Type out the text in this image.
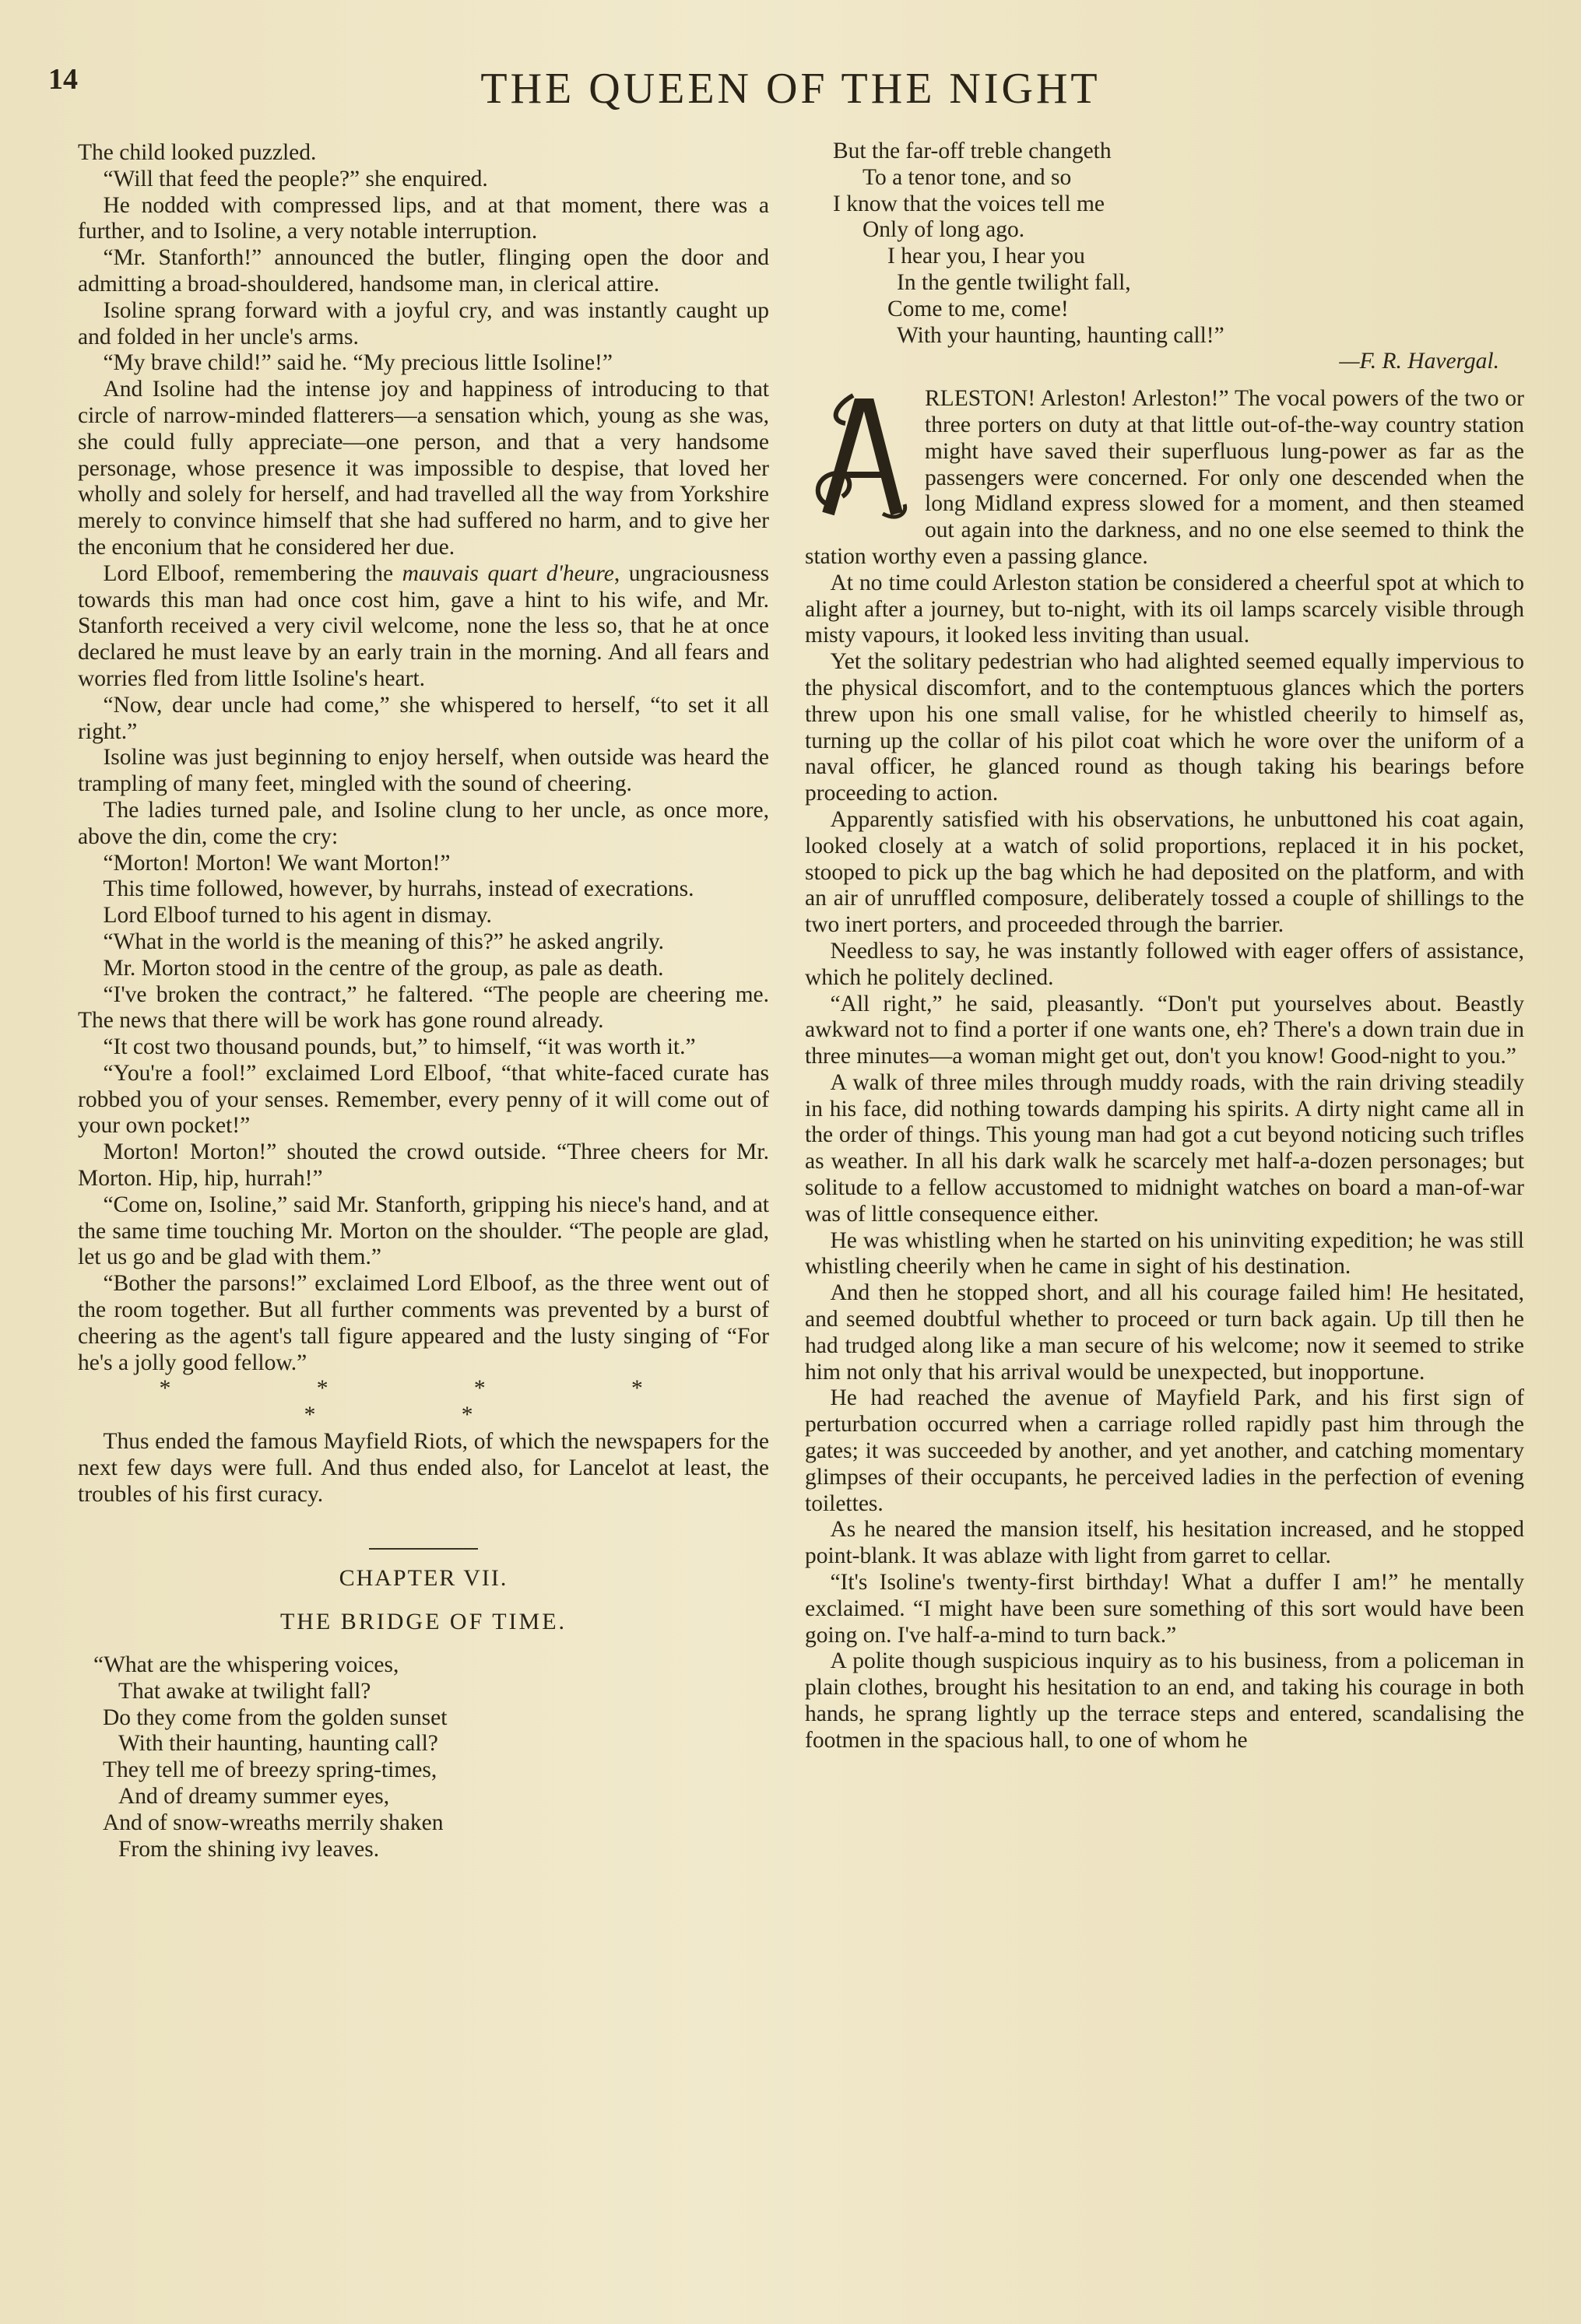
14	THE QUEEN OF THE NIGHT

The child looked puzzled.

“Will that feed the people?” she enquired.

He nodded with compressed lips, and at that moment, there was a further, and to Isoline, a very notable interruption.

“Mr. Stanforth!” announced the butler, flinging open the door and admitting a broad-shouldered, handsome man, in clerical attire.

Isoline sprang forward with a joyful cry, and was instantly caught up and folded in her uncle's arms.

“My brave child!” said he. “My precious little Isoline!”

And Isoline had the intense joy and happiness of introducing to that circle of narrow-minded flatterers—a sensation which, young as she was, she could fully appreciate—one person, and that a very handsome personage, whose presence it was impossible to despise, that loved her wholly and solely for herself, and had travelled all the way from Yorkshire merely to convince himself that she had suffered no harm, and to give her the enconium that he considered her due.

Lord Elboof, remembering the mauvais quart d'heure, ungraciousness towards this man had once cost him, gave a hint to his wife, and Mr. Stanforth received a very civil welcome, none the less so, that he at once declared he must leave by an early train in the morning. And all fears and worries fled from little Isoline's heart.

“Now, dear uncle had come,” she whispered to herself, “to set it all right.”

Isoline was just beginning to enjoy herself, when outside was heard the trampling of many feet, mingled with the sound of cheering.

The ladies turned pale, and Isoline clung to her uncle, as once more, above the din, come the cry:

“Morton! Morton! We want Morton!”

This time followed, however, by hurrahs, instead of execrations.

Lord Elboof turned to his agent in dismay.

“What in the world is the meaning of this?” he asked angrily.

Mr. Morton stood in the centre of the group, as pale as death.

“I've broken the contract,” he faltered. “The people are cheering me. The news that there will be work has gone round already.

“It cost two thousand pounds, but,” to himself, “it was worth it.”

“You're a fool!” exclaimed Lord Elboof, “that white-faced curate has robbed you of your senses. Remember, every penny of it will come out of your own pocket!”

Morton! Morton!” shouted the crowd outside. “Three cheers for Mr. Morton. Hip, hip, hurrah!”

“Come on, Isoline,” said Mr. Stanforth, gripping his niece's hand, and at the same time touching Mr. Morton on the shoulder. “The people are glad, let us go and be glad with them.”

“Bother the parsons!” exclaimed Lord Elboof, as the three went out of the room together. But all further comments was prevented by a burst of cheering as the agent's tall figure appeared and the lusty singing of “For he's a jolly good fellow.”

* * * * * *

Thus ended the famous Mayfield Riots, of which the newspapers for the next few days were full. And thus ended also, for Lancelot at least, the troubles of his first curacy.

CHAPTER VII.
THE BRIDGE OF TIME.
“What are the whispering voices,
That awake at twilight fall?
Do they come from the golden sunset
With their haunting, haunting call?
They tell me of breezy spring-times,
And of dreamy summer eyes,
And of snow-wreaths merrily shaken
From the shining ivy leaves.
But the far-off treble changeth
To a tenor tone, and so
I know that the voices tell me
Only of long ago.
I hear you, I hear you
In the gentle twilight fall,
Come to me, come!
With your haunting, haunting call!”
—F. R. Havergal.

RLESTON! Arleston! Arleston!” The vocal powers of the two or three porters on duty at that little out-of-the-way country station might have saved their superfluous lung-power as far as the passengers were concerned. For only one descended when the long Midland express slowed for a moment, and then steamed out again into the darkness, and no one else seemed to think the station worthy even a passing glance.

At no time could Arleston station be considered a cheerful spot at which to alight after a journey, but to-night, with its oil lamps scarcely visible through misty vapours, it looked less inviting than usual.

Yet the solitary pedestrian who had alighted seemed equally impervious to the physical discomfort, and to the contemptuous glances which the porters threw upon his one small valise, for he whistled cheerily to himself as, turning up the collar of his pilot coat which he wore over the uniform of a naval officer, he glanced round as though taking his bearings before proceeding to action.

Apparently satisfied with his observations, he unbuttoned his coat again, looked closely at a watch of solid proportions, replaced it in his pocket, stooped to pick up the bag which he had deposited on the platform, and with an air of unruffled composure, deliberately tossed a couple of shillings to the two inert porters, and proceeded through the barrier.

Needless to say, he was instantly followed with eager offers of assistance, which he politely declined.

“All right,” he said, pleasantly. “Don't put yourselves about. Beastly awkward not to find a porter if one wants one, eh? There's a down train due in three minutes—a woman might get out, don't you know! Good-night to you.”

A walk of three miles through muddy roads, with the rain driving steadily in his face, did nothing towards damping his spirits. A dirty night came all in the order of things. This young man had got a cut beyond noticing such trifles as weather. In all his dark walk he scarcely met half-a-dozen personages; but solitude to a fellow accustomed to midnight watches on board a man-of-war was of little consequence either.

He was whistling when he started on his uninviting expedition; he was still whistling cheerily when he came in sight of his destination.

And then he stopped short, and all his courage failed him! He hesitated, and seemed doubtful whether to proceed or turn back again. Up till then he had trudged along like a man secure of his welcome; now it seemed to strike him not only that his arrival would be unexpected, but inopportune.

He had reached the avenue of Mayfield Park, and his first sign of perturbation occurred when a carriage rolled rapidly past him through the gates; it was succeeded by another, and yet another, and catching momentary glimpses of their occupants, he perceived ladies in the perfection of evening toilettes.

As he neared the mansion itself, his hesitation increased, and he stopped point-blank. It was ablaze with light from garret to cellar.

“It's Isoline's twenty-first birthday! What a duffer I am!” he mentally exclaimed. “I might have been sure something of this sort would have been going on. I've half-a-mind to turn back.”

A polite though suspicious inquiry as to his business, from a policeman in plain clothes, brought his hesitation to an end, and taking his courage in both hands, he sprang lightly up the terrace steps and entered, scandalising the footmen in the spacious hall, to one of whom he
